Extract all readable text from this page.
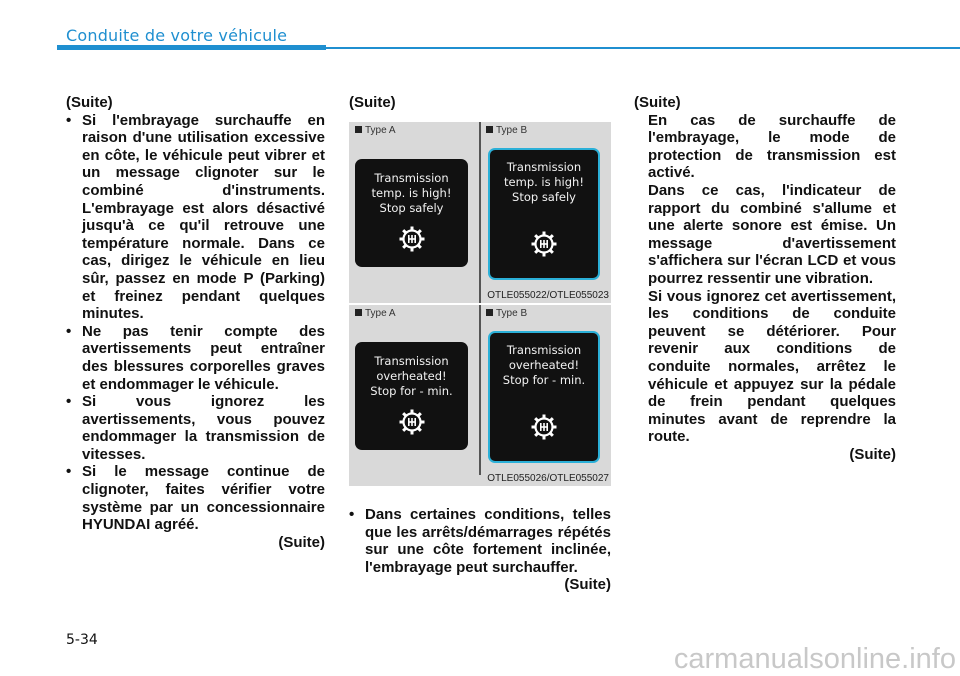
Conduite de votre véhicule

(Suite)

• Si l'embrayage surchauffe en raison d'une utilisation excessive en côte, le véhicule peut vibrer et un message clignoter sur le combiné d'instruments. L'embrayage est alors désactivé jusqu'à ce qu'il retrouve une température normale. Dans ce cas, dirigez le véhicule en lieu sûr, passez en mode P (Parking) et freinez pendant quelques minutes.

• Ne pas tenir compte des avertissements peut entraîner des blessures corporelles graves et endommager le véhicule.

• Si vous ignorez les avertissements, vous pouvez endommager la transmission de vitesses.

• Si le message continue de clignoter, faites vérifier votre système par un concessionnaire HYUNDAI agréé.

(Suite)

(Suite)

Type A
Transmission
temp. is high!
Stop safely
Type B
Transmission
temp. is high!
Stop safely
OTLE055022/OTLE055023
Type A
Transmission
overheated!
Stop for - min.
Type B
Transmission
overheated!
Stop for - min.
OTLE055026/OTLE055027

• Dans certaines conditions, telles que les arrêts/démarrages répétés sur une côte fortement inclinée, l'embrayage peut surchauffer.

(Suite)

(Suite)

En cas de surchauffe de l'embrayage, le mode de protection de transmission est activé.

Dans ce cas, l'indicateur de rapport du combiné s'allume et une alerte sonore est émise. Un message d'avertissement s'affichera sur l'écran LCD et vous pourrez ressentir une vibration.

Si vous ignorez cet avertissement, les conditions de conduite peuvent se détériorer. Pour revenir aux conditions de conduite normales, arrêtez le véhicule et appuyez sur la pédale de frein pendant quelques minutes avant de reprendre la route.

(Suite)

5-34
carmanualsonline.info
